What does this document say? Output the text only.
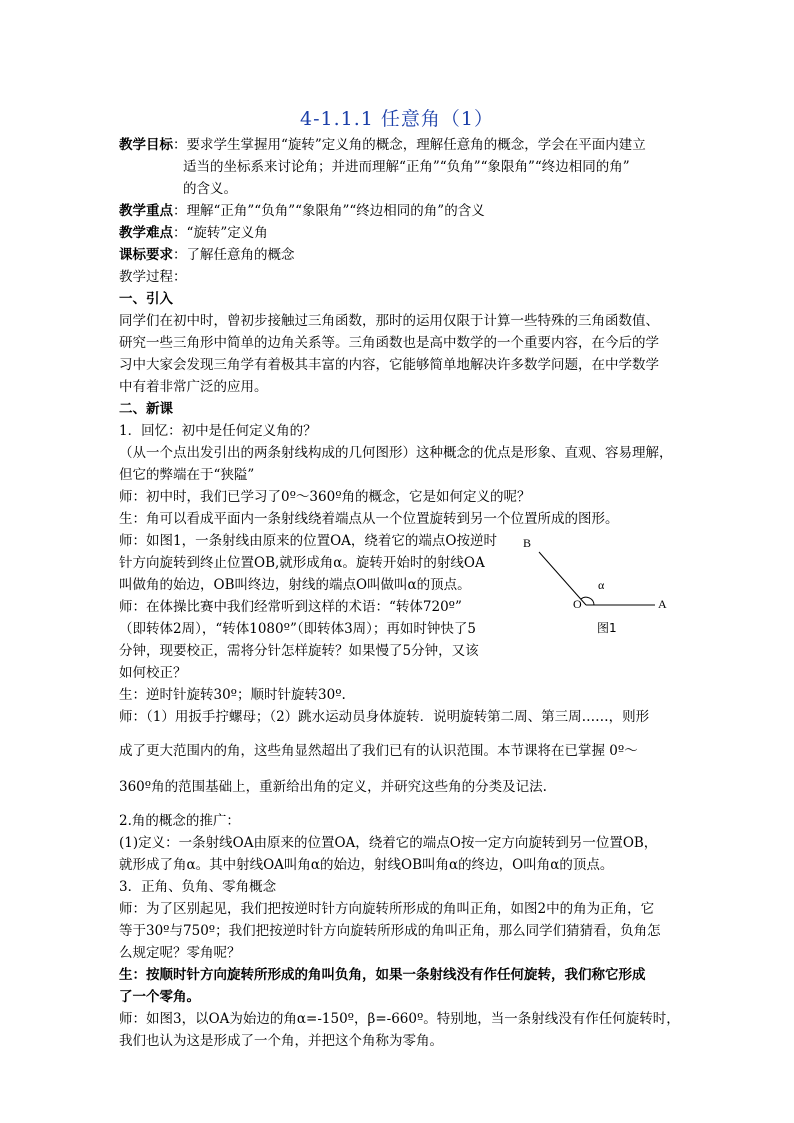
4-1.1.1 任意角（1）
教学目标：要求学生掌握用“旋转”定义角的概念，理解任意角的概念，学会在平面内建立
适当的坐标系来讨论角；并进而理解“正角”“负角”“象限角”“终边相同的角”
的含义。
教学重点：理解“正角”“负角”“象限角”“终边相同的角”的含义
教学难点：“旋转”定义角
课标要求：了解任意角的概念
教学过程：
一、引入
同学们在初中时，曾初步接触过三角函数，那时的运用仅限于计算一些特殊的三角函数值、
研究一些三角形中简单的边角关系等。三角函数也是高中数学的一个重要内容，在今后的学
习中大家会发现三角学有着极其丰富的内容，它能够简单地解决许多数学问题，在中学数学
中有着非常广泛的应用。
二、新课
1．回忆：初中是任何定义角的？
（从一个点出发引出的两条射线构成的几何图形）这种概念的优点是形象、直观、容易理解，
但它的弊端在于“狭隘”
师：初中时，我们已学习了0º～360º角的概念，它是如何定义的呢？
生：角可以看成平面内一条射线绕着端点从一个位置旋转到另一个位置所成的图形。
师：如图1，一条射线由原来的位置OA，绕着它的端点O按逆时
针方向旋转到终止位置OB,就形成角α。旋转开始时的射线OA
叫做角的始边，OB叫终边，射线的端点O叫做叫α的顶点。
师：在体操比赛中我们经常听到这样的术语：“转体720º”
（即转体2周），“转体1080º”（即转体3周）；再如时钟快了5
分钟，现要校正，需将分针怎样旋转？如果慢了5分钟，又该
如何校正？
生：逆时针旋转30º；顺时针旋转30º.
师：（1）用扳手拧螺母；（2）跳水运动员身体旋转．说明旋转第二周、第三周……，则形
成了更大范围内的角，这些角显然超出了我们已有的认识范围。本节课将在已掌握 0º～
360º角的范围基础上，重新给出角的定义，并研究这些角的分类及记法.
2.角的概念的推广：
(1)定义：一条射线OA由原来的位置OA，绕着它的端点O按一定方向旋转到另一位置OB，
就形成了角α。其中射线OA叫角α的始边，射线OB叫角α的终边，O叫角α的顶点。
3．正角、负角、零角概念
师：为了区别起见，我们把按逆时针方向旋转所形成的角叫正角，如图2中的角为正角，它
等于30º与750º；我们把按逆时针方向旋转所形成的角叫正角，那么同学们猜猜看，负角怎
么规定呢？零角呢？
生：按顺时针方向旋转所形成的角叫负角，如果一条射线没有作任何旋转，我们称它形成
了一个零角。
师：如图3，以OA为始边的角α=-150º，β=-660º。特别地，当一条射线没有作任何旋转时，
我们也认为这是形成了一个角，并把这个角称为零角。
B
O	A
α
图1
